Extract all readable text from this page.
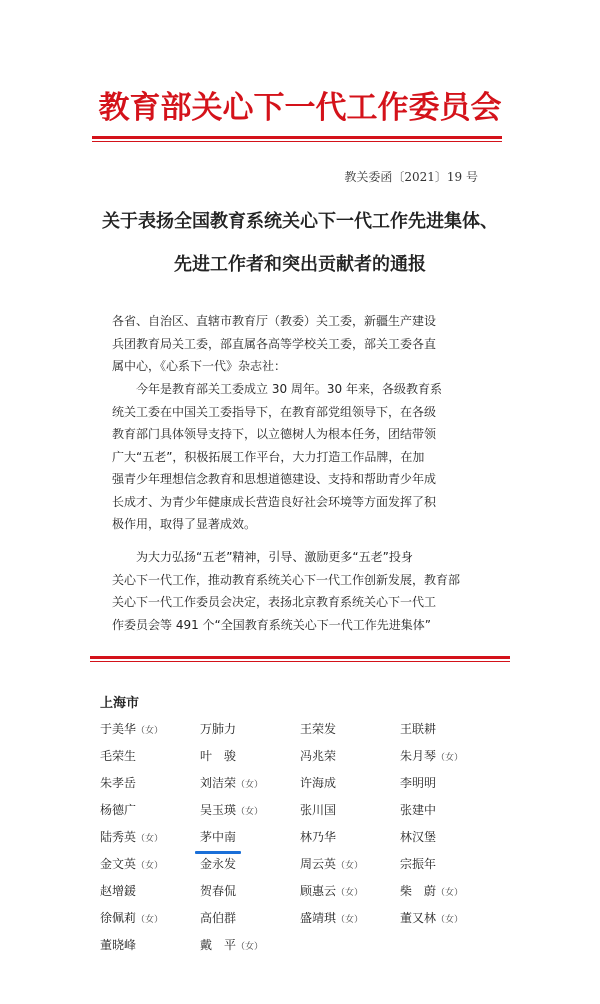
教育部关心下一代工作委员会
教关委函〔2021〕19 号
关于表扬全国教育系统关心下一代工作先进集体、
先进工作者和突出贡献者的通报
各省、自治区、直辖市教育厅（教委）关工委，新疆生产建设
兵团教育局关工委，部直属各高等学校关工委，部关工委各直
属中心，《心系下一代》杂志社：
今年是教育部关工委成立 30 周年。30 年来，各级教育系
统关工委在中国关工委指导下，在教育部党组领导下，在各级
教育部门具体领导支持下，以立德树人为根本任务，团结带领
广大“五老”，积极拓展工作平台，大力打造工作品牌，在加
强青少年理想信念教育和思想道德建设、支持和帮助青少年成
长成才、为青少年健康成长营造良好社会环境等方面发挥了积
极作用，取得了显著成效。
为大力弘扬“五老”精神，引导、激励更多“五老”投身
关心下一代工作，推动教育系统关心下一代工作创新发展，教育部
关心下一代工作委员会决定，表扬北京教育系统关心下一代工
作委员会等 491 个“全国教育系统关心下一代工作先进集体”
上海市
于美华（女）	万肺力	王荣发	王联耕
毛荣生	叶　骏	冯兆荣	朱月琴（女）
朱孝岳	刘洁荣（女）	许海成	李明明
杨德广	吴玉瑛（女）	张川国	张建中
陆秀英（女）	茅中南	林乃华	林汉堡
金文英（女）	金永发	周云英（女）	宗振年
赵增鍰	贺春侃	顾惠云（女）	柴　蔚（女）
徐佩莉（女）	高伯群	盛靖琪（女）	董又林（女）
董晓峰	戴　平（女）
